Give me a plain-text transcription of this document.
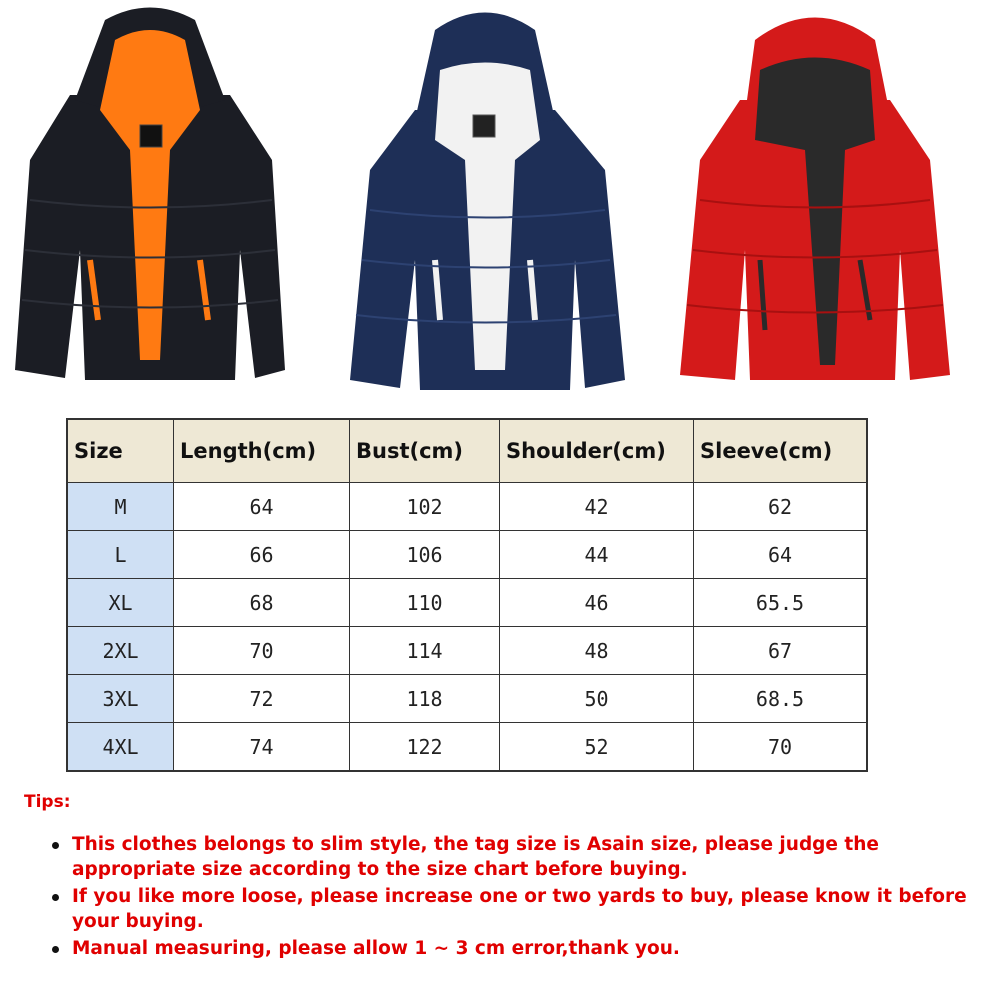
Size	Length(cm)	Bust(cm)	Shoulder(cm)	Sleeve(cm)
M	64	102	42	62
L	66	106	44	64
XL	68	110	46	65.5
2XL	70	114	48	67
3XL	72	118	50	68.5
4XL	74	122	52	70
Tips:
This clothes belongs to slim style, the tag size is Asain size, please judge the appropriate size according to the size chart before buying.
If you like more loose, please increase one or two yards to buy, please know it before your buying.
Manual measuring, please allow 1 ~ 3 cm error,thank you.
